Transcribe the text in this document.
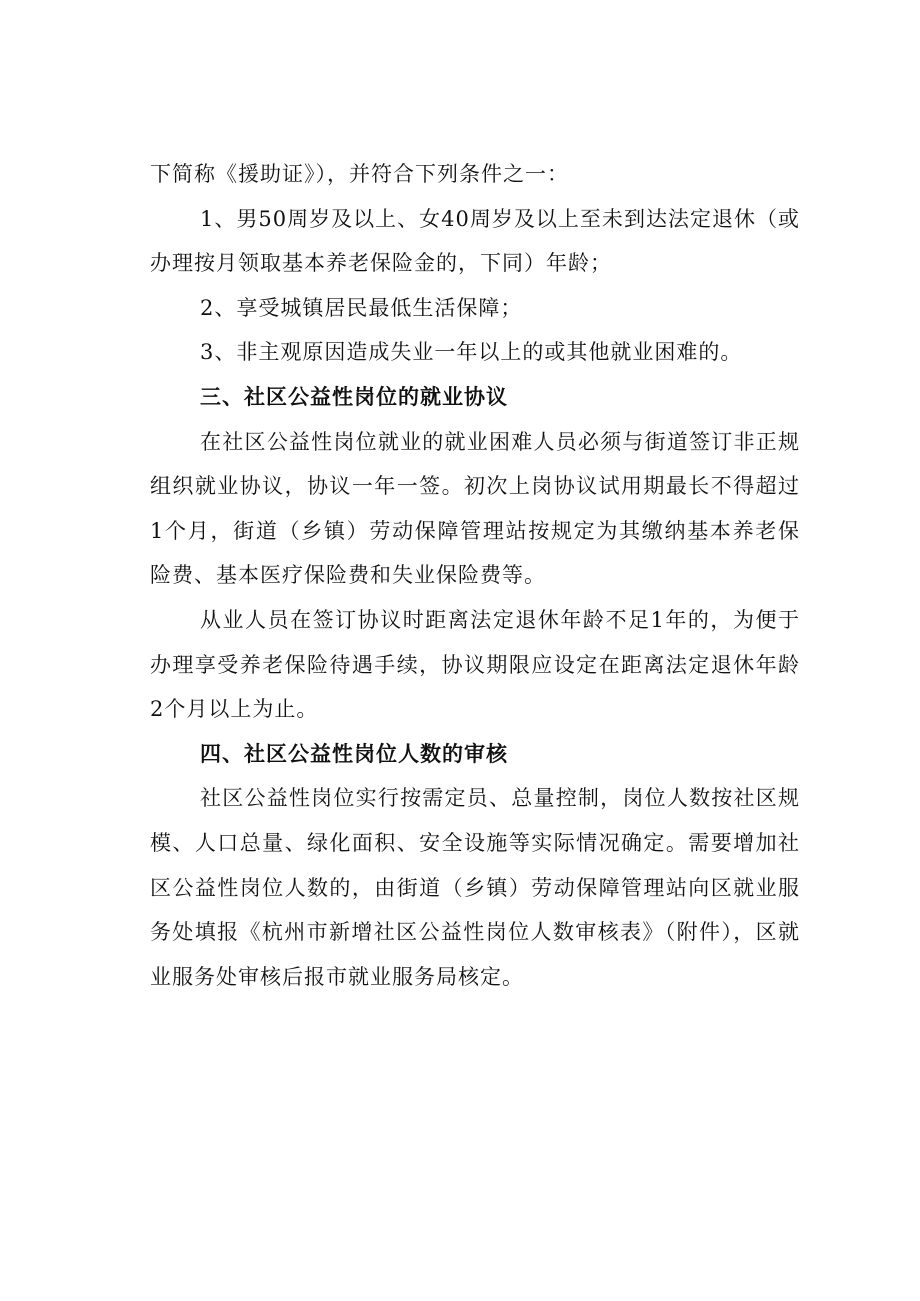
下简称《援助证》），并符合下列条件之一：

1、男50周岁及以上、女40周岁及以上至未到达法定退休（或办理按月领取基本养老保险金的，下同）年龄；

2、享受城镇居民最低生活保障；

3、非主观原因造成失业一年以上的或其他就业困难的。

三、社区公益性岗位的就业协议

在社区公益性岗位就业的就业困难人员必须与街道签订非正规组织就业协议，协议一年一签。初次上岗协议试用期最长不得超过1个月，街道（乡镇）劳动保障管理站按规定为其缴纳基本养老保险费、基本医疗保险费和失业保险费等。

从业人员在签订协议时距离法定退休年龄不足1年的，为便于办理享受养老保险待遇手续，协议期限应设定在距离法定退休年龄2个月以上为止。

四、社区公益性岗位人数的审核

社区公益性岗位实行按需定员、总量控制，岗位人数按社区规模、人口总量、绿化面积、安全设施等实际情况确定。需要增加社区公益性岗位人数的，由街道（乡镇）劳动保障管理站向区就业服务处填报《杭州市新增社区公益性岗位人数审核表》（附件），区就业服务处审核后报市就业服务局核定。
